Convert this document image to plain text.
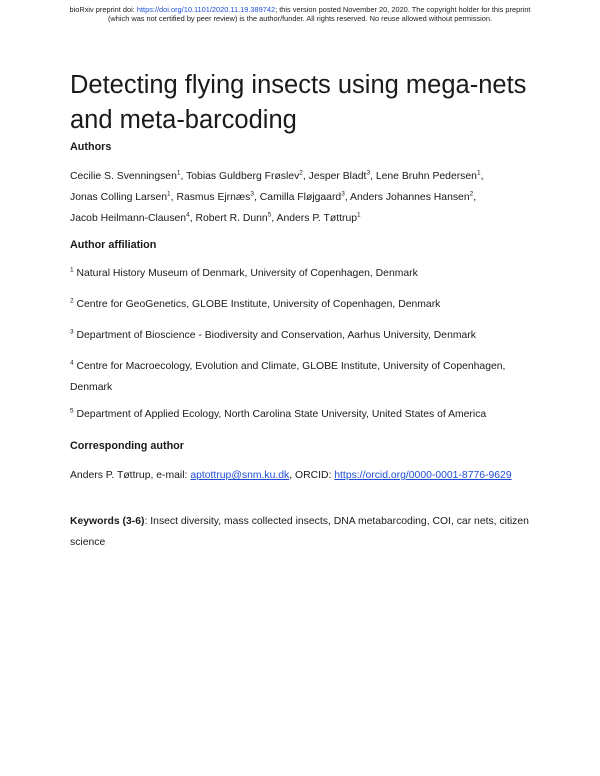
bioRxiv preprint doi: https://doi.org/10.1101/2020.11.19.389742; this version posted November 20, 2020. The copyright holder for this preprint
(which was not certified by peer review) is the author/funder. All rights reserved. No reuse allowed without permission.
Detecting flying insects using mega-nets
and meta-barcoding
Authors

Cecilie S. Svenningsen$^1$, Tobias Guldberg Frøslev$^2$, Jesper Bladt$^3$, Lene Bruhn Pedersen$^1$,
Jonas Colling Larsen$^1$, Rasmus Ejrnæs$^3$, Camilla Fløjgaard$^3$, Anders Johannes Hansen$^2$,
Jacob Heilmann-Clausen$^4$, Robert R. Dunn$^5$, Anders P. Tøttrup$^1$

Author affiliation

$^1$ Natural History Museum of Denmark, University of Copenhagen, Denmark

$^2$ Centre for GeoGenetics, GLOBE Institute, University of Copenhagen, Denmark

$^3$ Department of Bioscience - Biodiversity and Conservation, Aarhus University, Denmark

$^4$ Centre for Macroecology, Evolution and Climate, GLOBE Institute, University of Copenhagen, Denmark

$^5$ Department of Applied Ecology, North Carolina State University, United States of America

Corresponding author

Anders P. Tøttrup, e-mail: aptottrup@snm.ku.dk, ORCID: https://orcid.org/0000-0001-8776-9629

Keywords (3-6): Insect diversity, mass collected insects, DNA metabarcoding, COI, car nets, citizen science
